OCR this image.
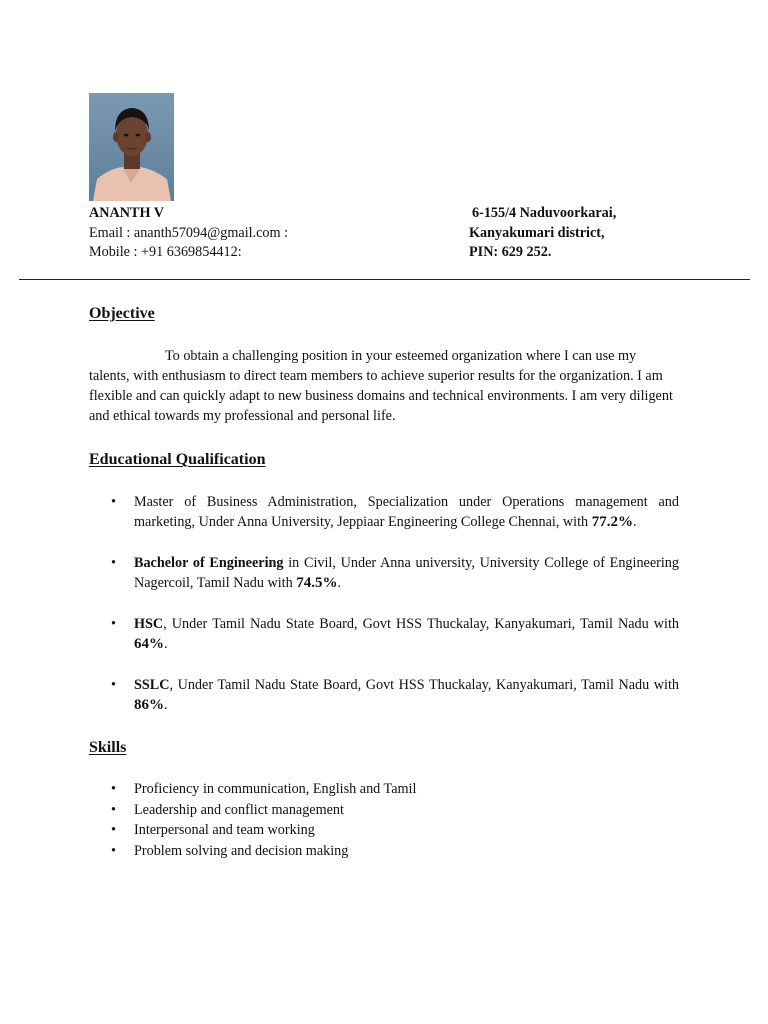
ANANTH V
Email : ananth57094@gmail.com :
Mobile : +91 6369854412:
6-155/4 Naduvoorkarai,
Kanyakumari district,
PIN: 629 252.
Objective

To obtain a challenging position in your esteemed organization where I can use my talents, with enthusiasm to direct team members to achieve superior results for the organization. I am flexible and can quickly adapt to new business domains and technical environments. I am very diligent and ethical towards my professional and personal life.

Educational Qualification
• Master of Business Administration, Specialization under Operations management and marketing, Under Anna University, Jeppiaar Engineering College Chennai, with 77.2%.
• Bachelor of Engineering in Civil, Under Anna university, University College of Engineering Nagercoil, Tamil Nadu with 74.5%.
• HSC, Under Tamil Nadu State Board, Govt HSS Thuckalay, Kanyakumari, Tamil Nadu with 64%.
• SSLC, Under Tamil Nadu State Board, Govt HSS Thuckalay, Kanyakumari, Tamil Nadu with 86%.
Skills
• Proficiency in communication, English and Tamil
• Leadership and conflict management
• Interpersonal and team working
• Problem solving and decision making
